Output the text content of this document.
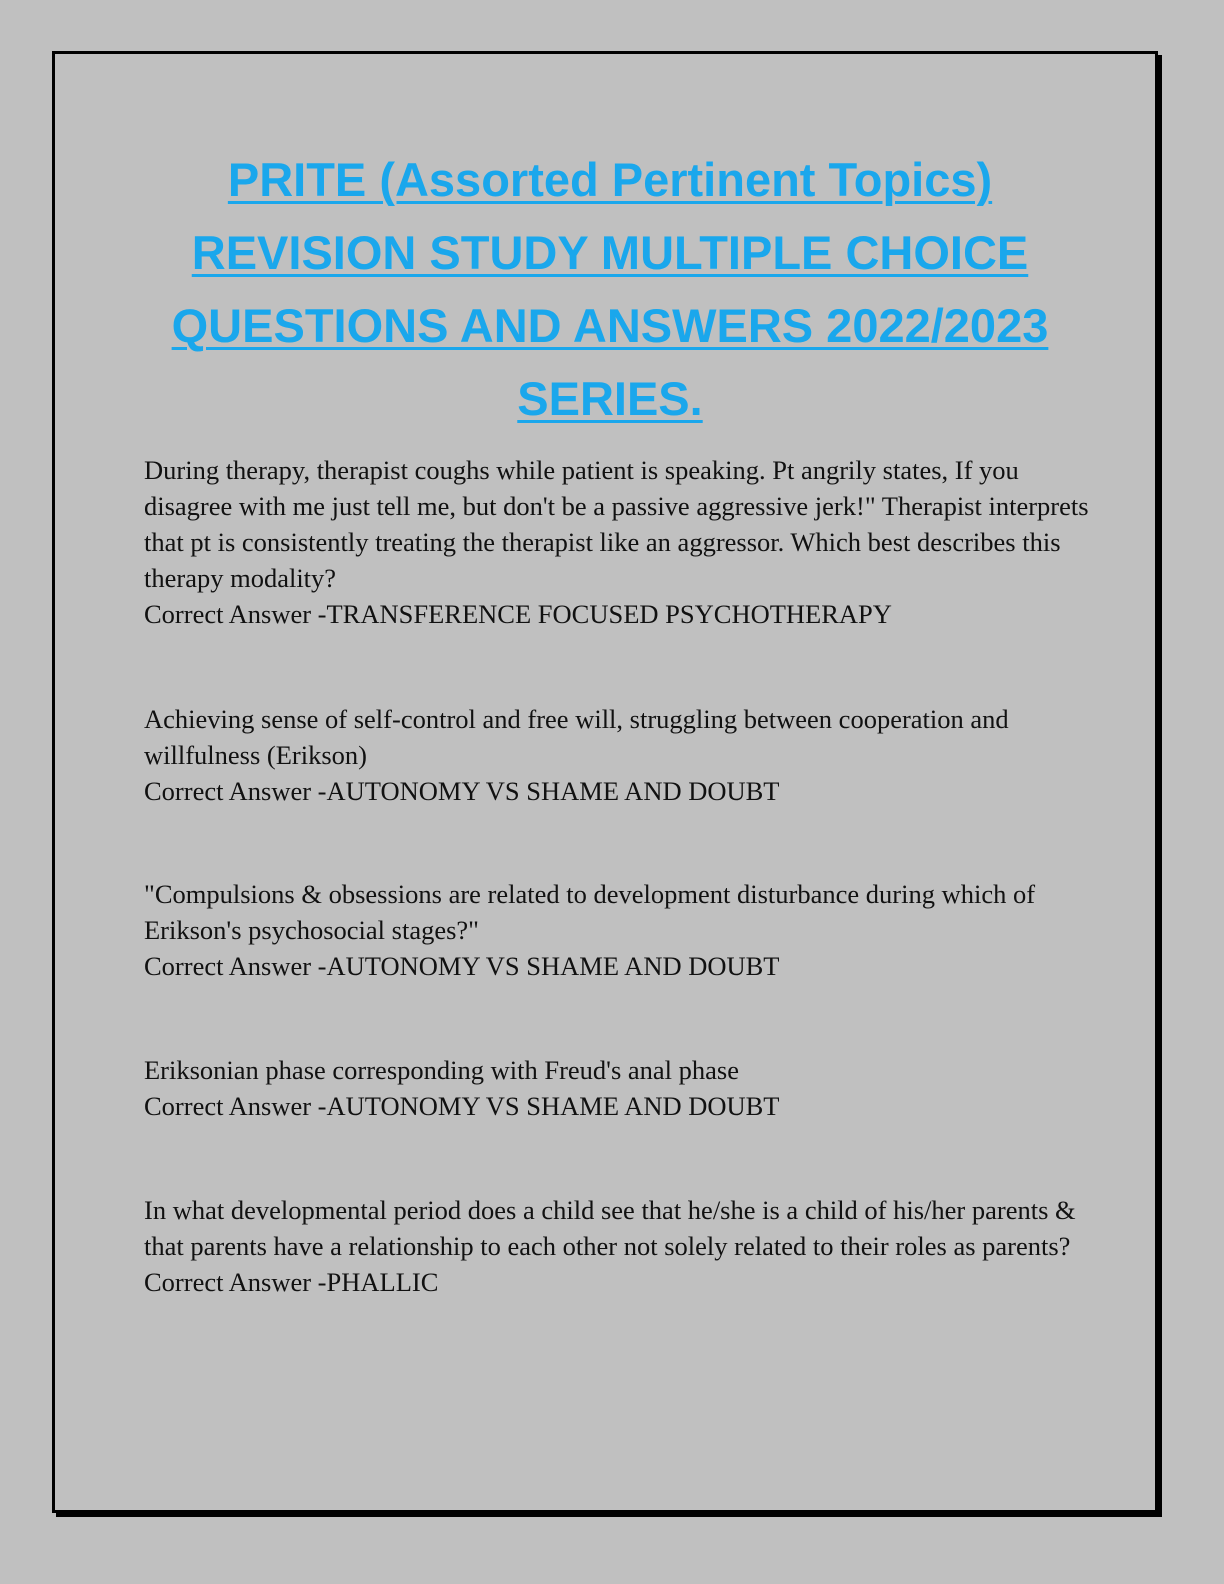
PRITE (Assorted Pertinent Topics)
REVISION STUDY MULTIPLE CHOICE
QUESTIONS AND ANSWERS 2022/2023
SERIES.
During therapy, therapist coughs while patient is speaking. Pt angrily states, If you disagree with me just tell me, but don't be a passive aggressive jerk!" Therapist interprets that pt is consistently treating the therapist like an aggressor. Which best describes this therapy modality?
Correct Answer -TRANSFERENCE FOCUSED PSYCHOTHERAPY
Achieving sense of self-control and free will, struggling between cooperation and willfulness (Erikson)
Correct Answer -AUTONOMY VS SHAME AND DOUBT
"Compulsions & obsessions are related to development disturbance during which of Erikson's psychosocial stages?"
Correct Answer -AUTONOMY VS SHAME AND DOUBT
Eriksonian phase corresponding with Freud's anal phase
Correct Answer -AUTONOMY VS SHAME AND DOUBT
In what developmental period does a child see that he/she is a child of his/her parents & that parents have a relationship to each other not solely related to their roles as parents?
Correct Answer -PHALLIC
